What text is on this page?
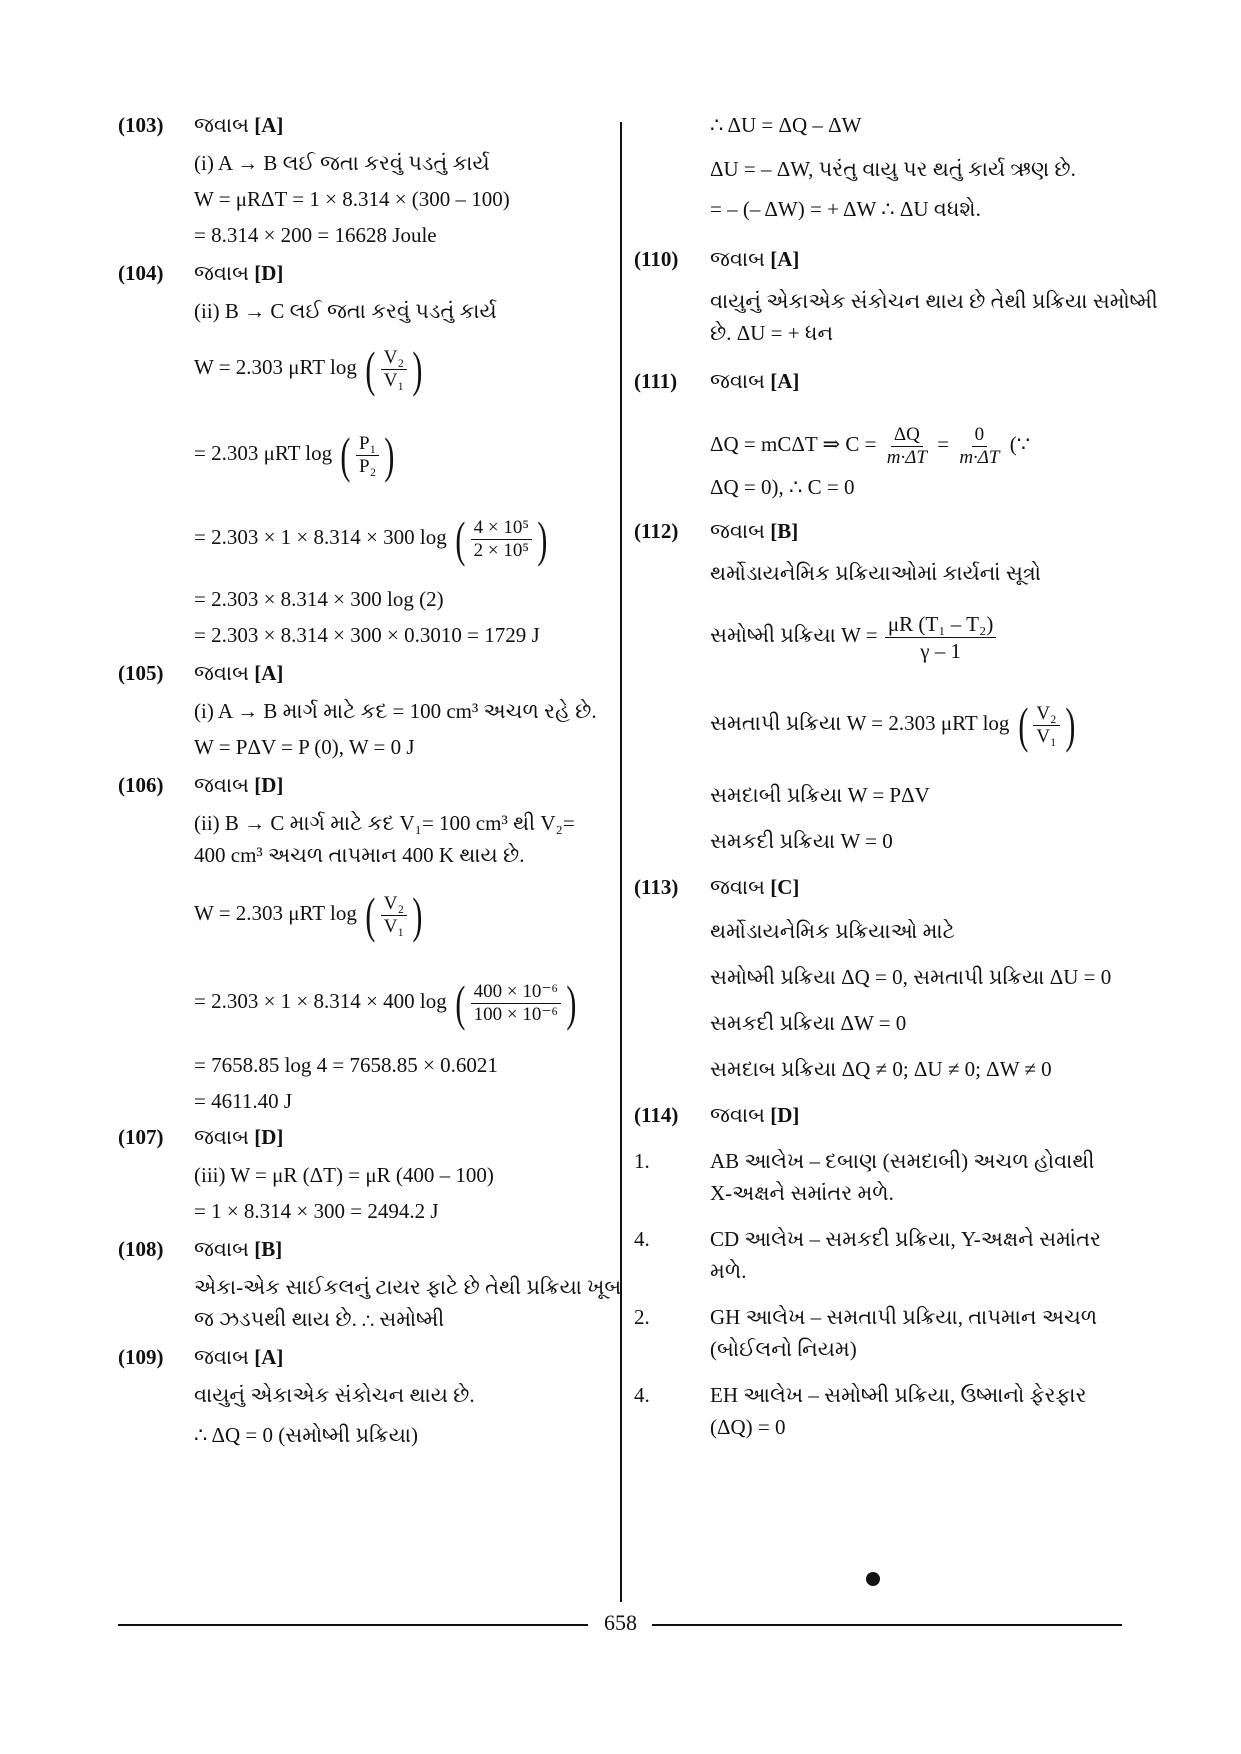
(103) જવાબ [A]
(i) A → B લઈ જતા કરવું પડતું કાર્ય
W = μRΔT = 1 × 8.314 × (300 – 100)
= 8.314 × 200 = 16628 Joule
(104) જવાબ [D]
(ii) B → C લઈ જતા કરવું પડતું કાર્ય
W = 2.303 μRT log ( $\frac{\text{V₂}}{\text{V₁}}$ )
= 2.303 μRT log ( $\frac{\text{P₁}}{\text{P₂}}$ )
= 2.303 × 1 × 8.314 × 300 log ( $\frac{\text{4 × 10⁵}}{\text{2 × 10⁵}}$ )
= 2.303 × 8.314 × 300 log (2)
= 2.303 × 8.314 × 300 × 0.3010 = 1729 J
(105) જવાબ [A]
(i) A → B માર્ગ માટે કદ = 100 cm³ અચળ રહે છે.
W = PΔV = P (0), W = 0 J
(106) જવાબ [D]
(ii) B → C માર્ગ માટે કદ V₁= 100 cm³ થી V₂=
400 cm³ અચળ તાપમાન 400 K થાય છે.
W = 2.303 μRT log ( $\frac{\text{V₂}}{\text{V₁}}$ )
= 2.303 × 1 × 8.314 × 400 log ( $\frac{\text{400 × 10⁻⁶}}{\text{100 × 10⁻⁶}}$ )
= 7658.85 log 4 = 7658.85 × 0.6021
= 4611.40 J
(107) જવાબ [D]
(iii) W = μR (ΔT) = μR (400 – 100)
= 1 × 8.314 × 300 = 2494.2 J
(108) જવાબ [B]
એકા-એક સાઈકલનું ટાયર ફાટે છે તેથી પ્રક્રિયા ખૂબ
જ ઝડપથી થાય છે. ∴ સમોષ્મી
(109) જવાબ [A]
વાયુનું એકાએક સંકોચન થાય છે.
∴ ΔQ = 0 (સમોષ્મી પ્રક્રિયા)
∴ ΔU = ΔQ – ΔW
ΔU = – ΔW, પરંતુ વાયુ પર થતું કાર્ય ઋણ છે.
= – (– ΔW) = + ΔW ∴ ΔU વધશે.
(110) જવાબ [A]
વાયુનું એકાએક સંકોચન થાય છે તેથી પ્રક્રિયા સમોષ્મી
છે. ΔU = + ધન
(111) જવાબ [A]
ΔQ = mCΔT ⇒ $C = \frac{\Delta Q}{m\cdot\Delta T} = \frac{0}{m\cdot\Delta T}$ (∵
ΔQ = 0), ∴ C = 0
(112) જવાબ [B]
થર્મોડાયનેમિક પ્રક્રિયાઓમાં કાર્યનાં સૂત્રો
સમોષ્મી પ્રક્રિયા $W = \frac{\text{μR (T₁ – T₂)}}{\gamma - 1}$
સમતાપી પ્રક્રિયા W = 2.303 μRT log ( $\frac{\text{V₂}}{\text{V₁}}$ )
સમદાબી પ્રક્રિયા W = PΔV
સમકદી પ્રક્રિયા W = 0
(113) જવાબ [C]
થર્મોડાયનેમિક પ્રક્રિયાઓ માટે
સમોષ્મી પ્રક્રિયા ΔQ = 0, સમતાપી પ્રક્રિયા ΔU = 0
સમકદી પ્રક્રિયા ΔW = 0
સમદાબ પ્રક્રિયા ΔQ ≠ 0; ΔU ≠ 0; ΔW ≠ 0
(114) જવાબ [D]
1.	AB આલેખ – દબાણ (સમદાબી) અચળ હોવાથી
X-અક્ષને સમાંતર મળે.
4.	CD આલેખ – સમકદી પ્રક્રિયા, Y-અક્ષને સમાંતર
મળે.
2.	GH આલેખ – સમતાપી પ્રક્રિયા, તાપમાન અચળ
(બોઈલનો નિયમ)
4.	EH આલેખ – સમોષ્મી પ્રક્રિયા, ઉષ્માનો ફેરફાર
(ΔQ) = 0
658
